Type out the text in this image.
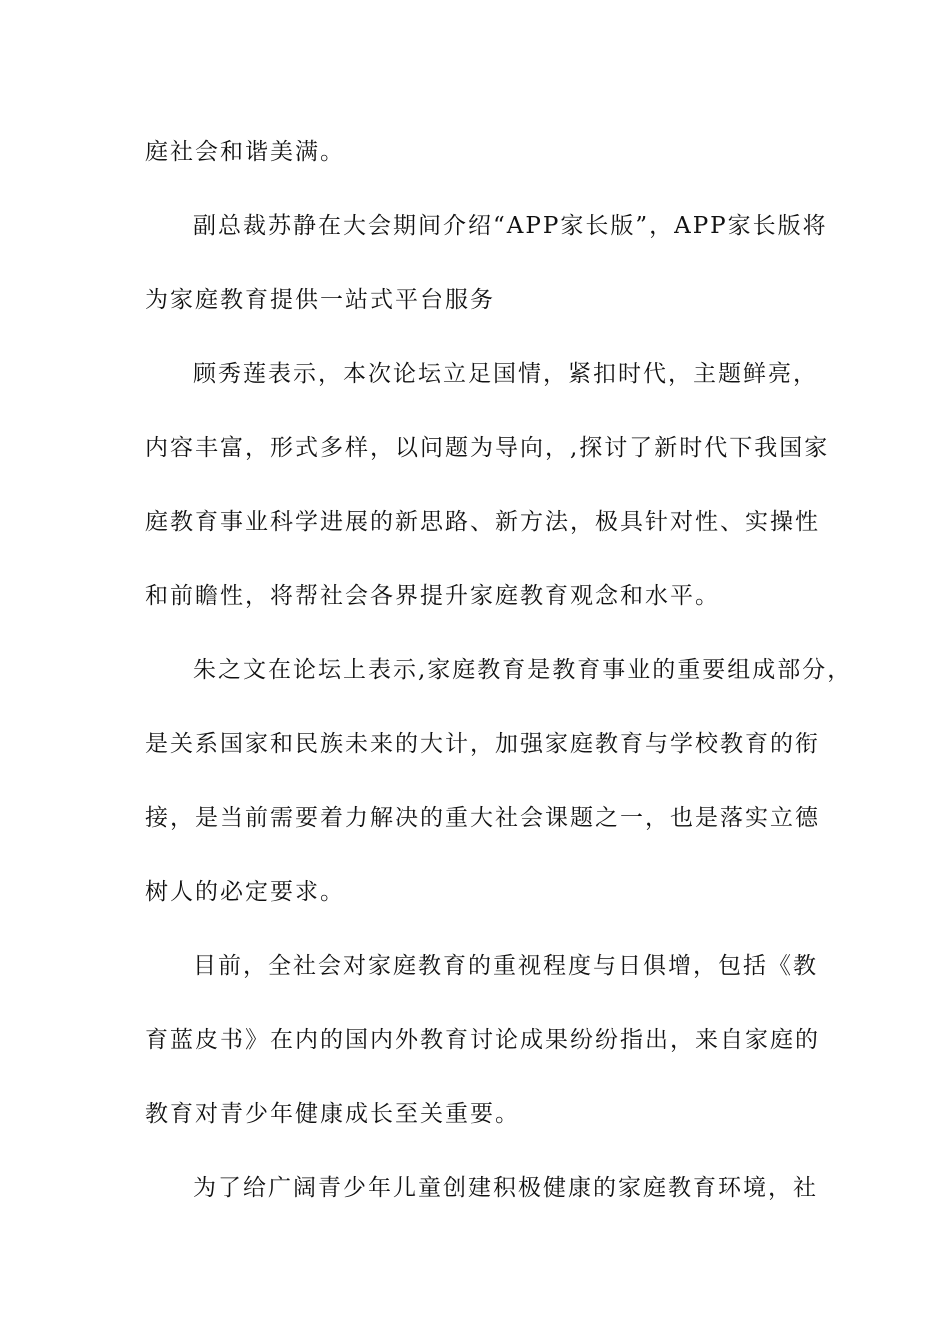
庭社会和谐美满。
副总裁苏静在大会期间介绍“APP家长版”，APP家长版将
为家庭教育提供一站式平台服务
顾秀莲表示，本次论坛立足国情，紧扣时代，主题鲜亮，
内容丰富，形式多样，以问题为导向，,探讨了新时代下我国家
庭教育事业科学进展的新思路、新方法，极具针对性、实操性
和前瞻性，将帮社会各界提升家庭教育观念和水平。
朱之文在论坛上表示,家庭教育是教育事业的重要组成部分，
是关系国家和民族未来的大计，加强家庭教育与学校教育的衔
接，是当前需要着力解决的重大社会课题之一，也是落实立德
树人的必定要求。
目前，全社会对家庭教育的重视程度与日俱增，包括《教
育蓝皮书》在内的国内外教育讨论成果纷纷指出，来自家庭的
教育对青少年健康成长至关重要。
为了给广阔青少年儿童创建积极健康的家庭教育环境，社
